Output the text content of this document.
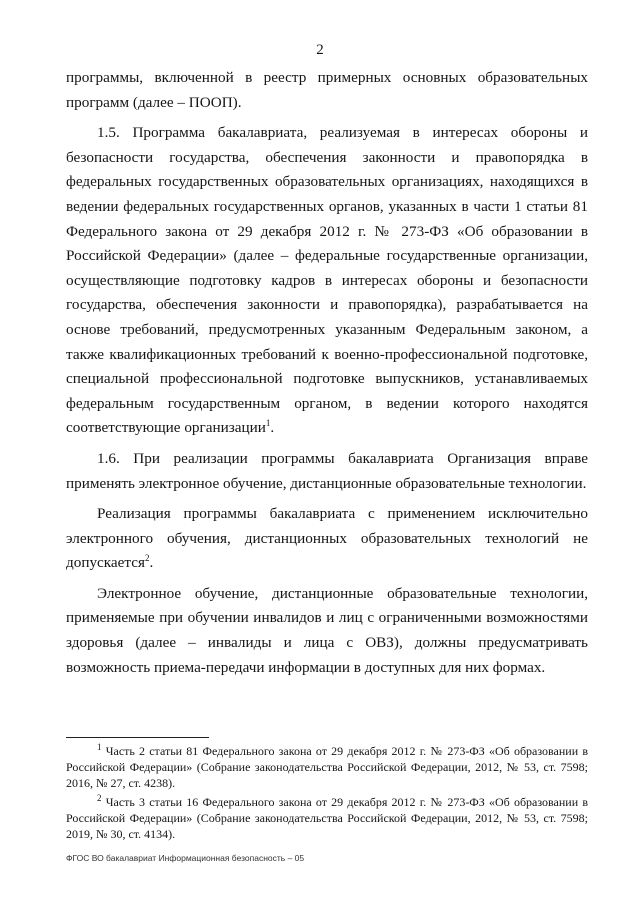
2

программы, включенной в реестр примерных основных образовательных программ (далее – ПООП).

1.5. Программа бакалавриата, реализуемая в интересах обороны и безопасности государства, обеспечения законности и правопорядка в федеральных государственных образовательных организациях, находящихся в ведении федеральных государственных органов, указанных в части 1 статьи 81 Федерального закона от 29 декабря 2012 г. № 273-ФЗ «Об образовании в Российской Федерации» (далее – федеральные государственные организации, осуществляющие подготовку кадров в интересах обороны и безопасности государства, обеспечения законности и правопорядка), разрабатывается на основе требований, предусмотренных указанным Федеральным законом, а также квалификационных требований к военно-профессиональной подготовке, специальной профессиональной подготовке выпускников, устанавливаемых федеральным государственным органом, в ведении которого находятся соответствующие организации$^1$.

1.6. При реализации программы бакалавриата Организация вправе применять электронное обучение, дистанционные образовательные технологии.

Реализация программы бакалавриата с применением исключительно электронного обучения, дистанционных образовательных технологий не допускается$^2$.

Электронное обучение, дистанционные образовательные технологии, применяемые при обучении инвалидов и лиц с ограниченными возможностями здоровья (далее – инвалиды и лица с ОВЗ), должны предусматривать возможность приема-передачи информации в доступных для них формах.

$^1$ Часть 2 статьи 81 Федерального закона от 29 декабря 2012 г. № 273-ФЗ «Об образовании в Российской Федерации» (Собрание законодательства Российской Федерации, 2012, № 53, ст. 7598; 2016, № 27, ст. 4238).

$^2$ Часть 3 статьи 16 Федерального закона от 29 декабря 2012 г. № 273-ФЗ «Об образовании в Российской Федерации» (Собрание законодательства Российской Федерации, 2012, № 53, ст. 7598; 2019, № 30, ст. 4134).

ФГОС ВО бакалавриат Информационная безопасность – 05
